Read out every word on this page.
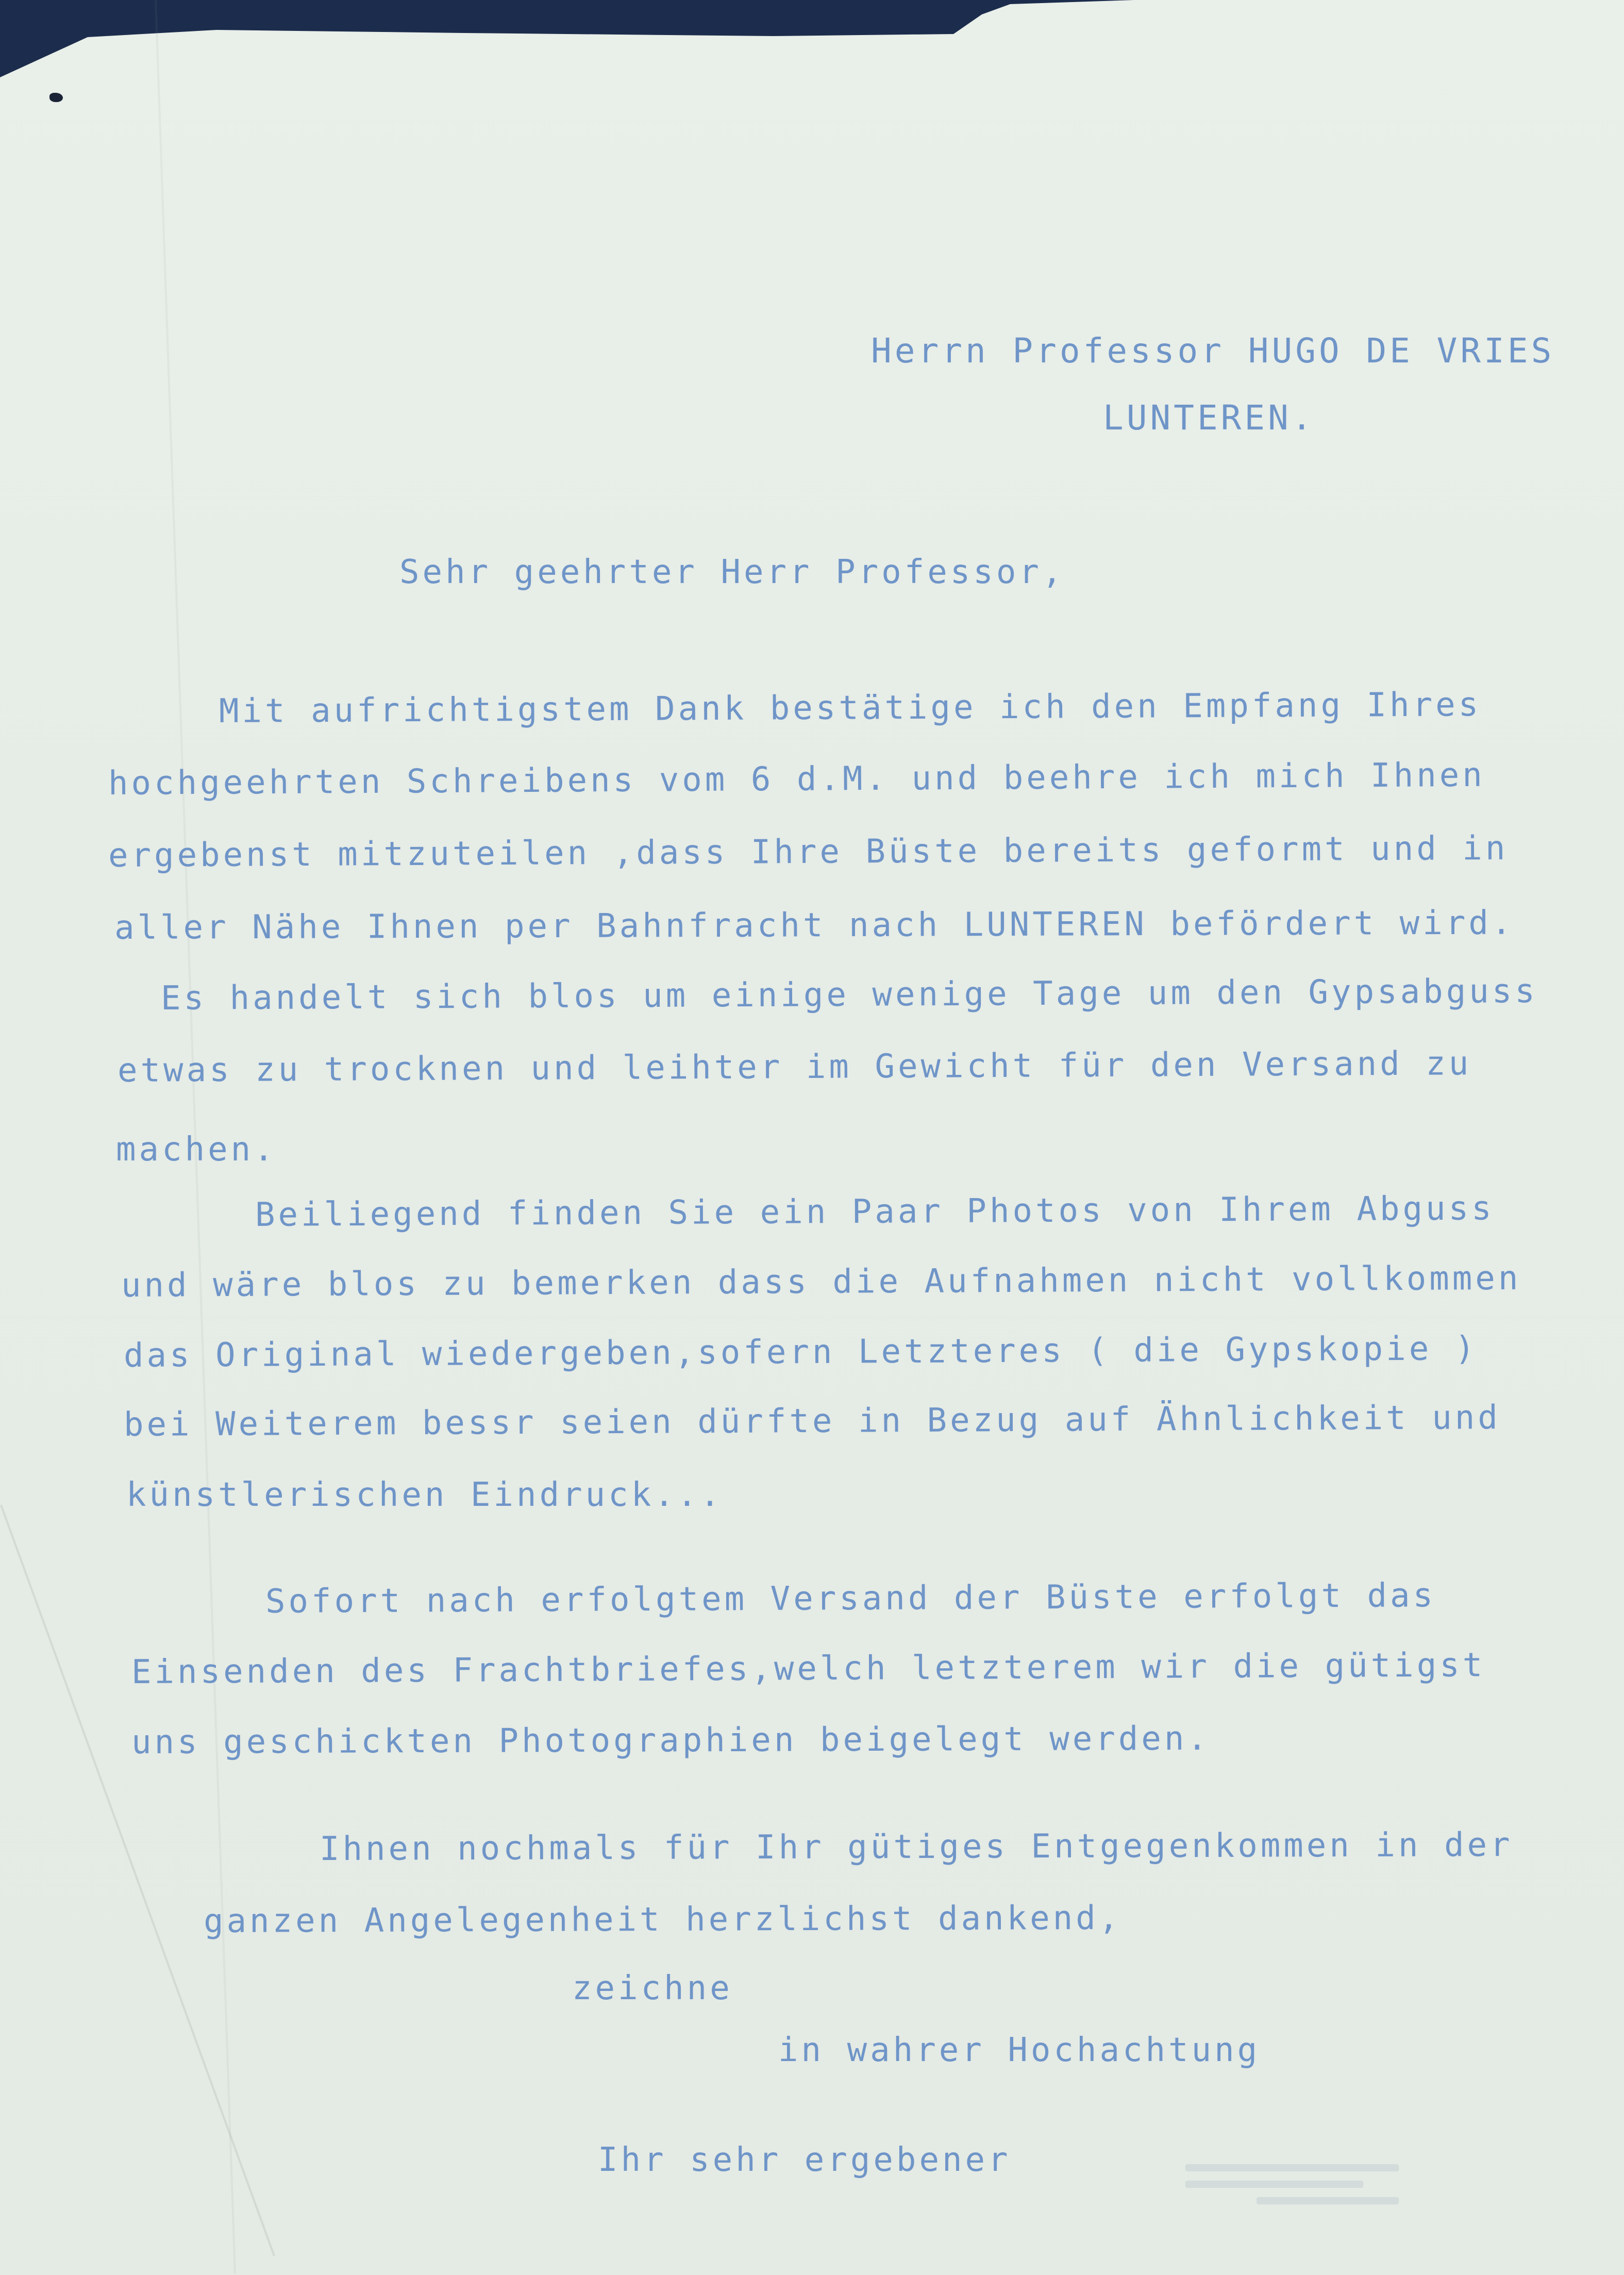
Herrn Professor HUGO DE VRIES
LUNTEREN.
Sehr geehrter Herr Professor,
Mit aufrichtigstem Dank bestätige ich den Empfang Ihres
hochgeehrten Schreibens vom 6 d.M. und beehre ich mich Ihnen
ergebenst mitzuteilen ,dass Ihre Büste bereits geformt und in
aller Nähe Ihnen per Bahnfracht nach LUNTEREN befördert wird.
Es handelt sich blos um einige wenige Tage um den Gypsabguss
etwas zu trocknen und leihter im Gewicht für den Versand zu
machen.
Beiliegend finden Sie ein Paar Photos von Ihrem Abguss
und wäre blos zu bemerken dass die Aufnahmen nicht vollkommen
das Original wiedergeben,sofern Letzteres ( die Gypskopie )
bei Weiterem bessr seien dürfte in Bezug auf Ähnlichkeit und
künstlerischen Eindruck...
Sofort nach erfolgtem Versand der Büste erfolgt das
Einsenden des Frachtbriefes,welch letzterem wir die gütigst
uns geschickten Photographien beigelegt werden.
Ihnen nochmals für Ihr gütiges Entgegenkommen in der
ganzen Angelegenheit herzlichst dankend,
zeichne
in wahrer Hochachtung
Ihr sehr ergebener
